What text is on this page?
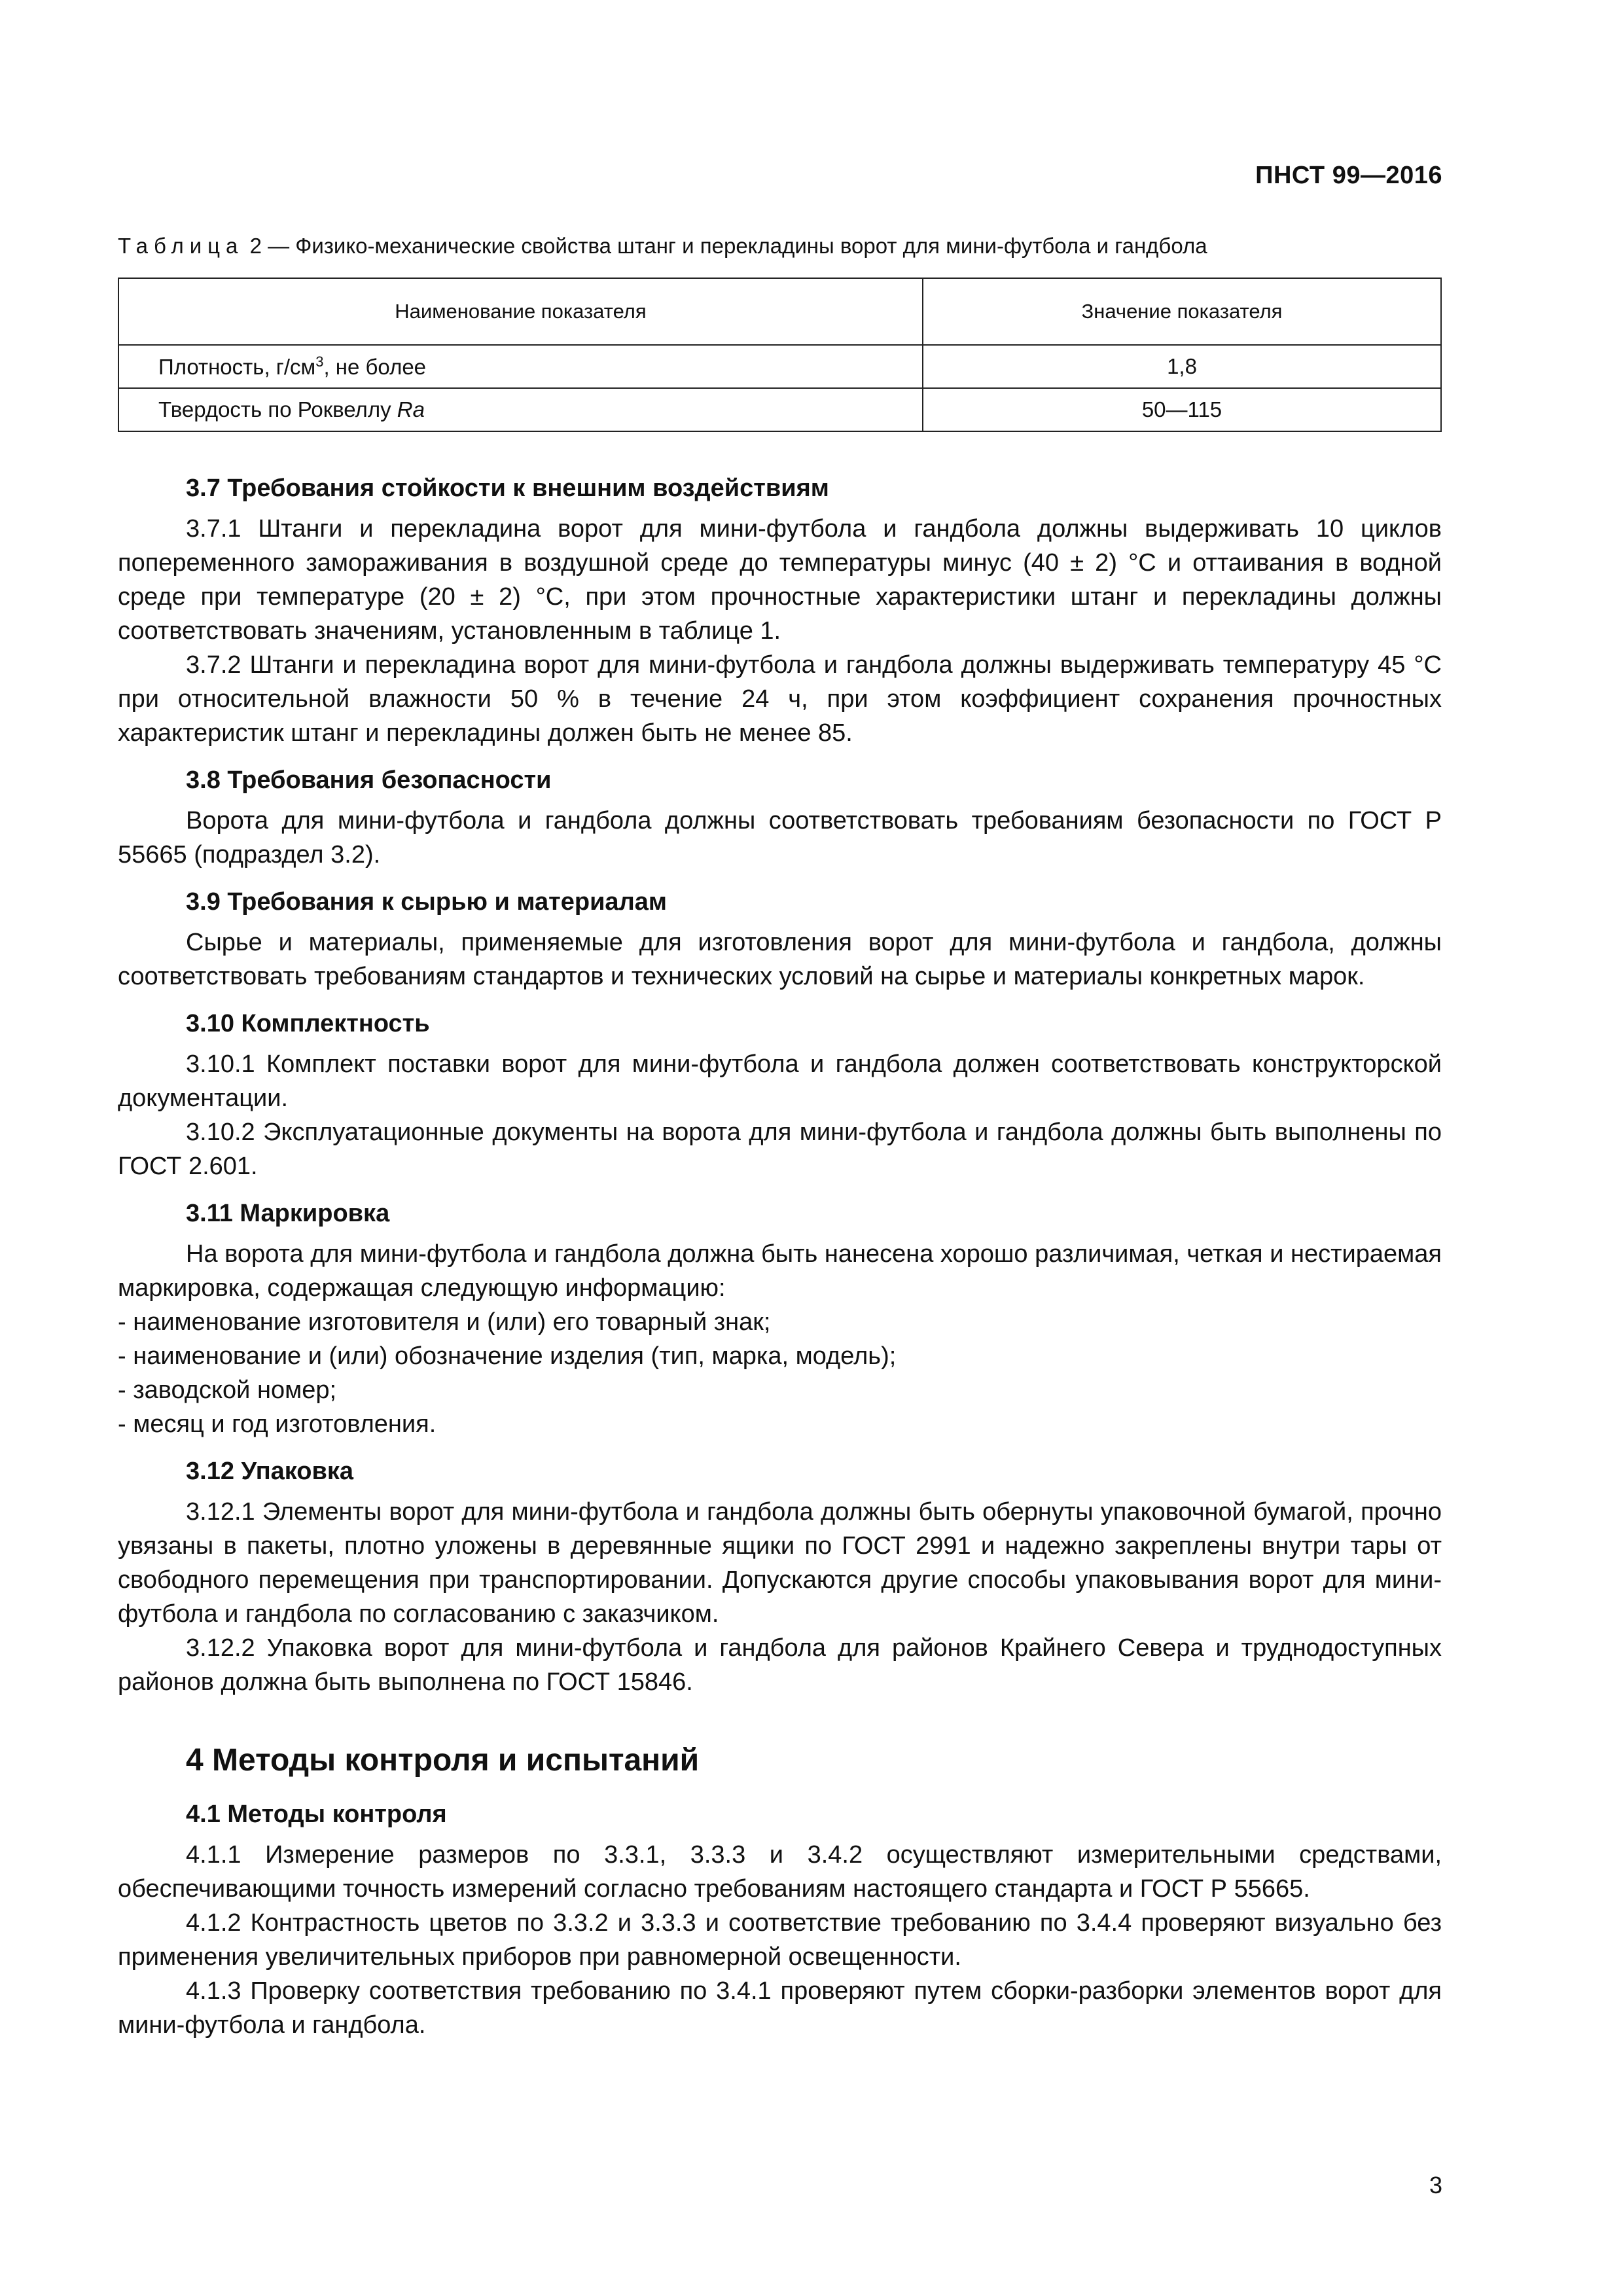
ПНСТ 99—2016
Таблица 2 — Физико-механические свойства штанг и перекладины ворот для мини-футбола и гандбола
Наименование показателя	Значение показателя
Плотность, $г/см^3$, не более	1,8
Твердость по Роквеллу Ra	50—115
3.7 Требования стойкости к внешним воздействиям

3.7.1 Штанги и перекладина ворот для мини-футбола и гандбола должны выдерживать 10 циклов попеременного замораживания в воздушной среде до температуры минус (40 ± 2) °С и оттаивания в водной среде при температуре (20 ± 2) °С, при этом прочностные характеристики штанг и перекладины должны соответствовать значениям, установленным в таблице 1.

3.7.2 Штанги и перекладина ворот для мини-футбола и гандбола должны выдерживать температуру 45 °С при относительной влажности 50 % в течение 24 ч, при этом коэффициент сохранения прочностных характеристик штанг и перекладины должен быть не менее 85.

3.8 Требования безопасности

Ворота для мини-футбола и гандбола должны соответствовать требованиям безопасности по ГОСТ Р 55665 (подраздел 3.2).

3.9 Требования к сырью и материалам

Сырье и материалы, применяемые для изготовления ворот для мини-футбола и гандбола, должны соответствовать требованиям стандартов и технических условий на сырье и материалы конкретных марок.

3.10 Комплектность

3.10.1 Комплект поставки ворот для мини-футбола и гандбола должен соответствовать конструкторской документации.

3.10.2 Эксплуатационные документы на ворота для мини-футбола и гандбола должны быть выполнены по ГОСТ 2.601.

3.11 Маркировка

На ворота для мини-футбола и гандбола должна быть нанесена хорошо различимая, четкая и нестираемая маркировка, содержащая следующую информацию:

- наименование изготовителя и (или) его товарный знак;

- наименование и (или) обозначение изделия (тип, марка, модель);

- заводской номер;

- месяц и год изготовления.

3.12 Упаковка

3.12.1 Элементы ворот для мини-футбола и гандбола должны быть обернуты упаковочной бумагой, прочно увязаны в пакеты, плотно уложены в деревянные ящики по ГОСТ 2991 и надежно закреплены внутри тары от свободного перемещения при транспортировании. Допускаются другие способы упаковывания ворот для мини-футбола и гандбола по согласованию с заказчиком.

3.12.2 Упаковка ворот для мини-футбола и гандбола для районов Крайнего Севера и труднодоступных районов должна быть выполнена по ГОСТ 15846.

4 Методы контроля и испытаний
4.1 Методы контроля

4.1.1 Измерение размеров по 3.3.1, 3.3.3 и 3.4.2 осуществляют измерительными средствами, обеспечивающими точность измерений согласно требованиям настоящего стандарта и ГОСТ Р 55665.

4.1.2 Контрастность цветов по 3.3.2 и 3.3.3 и соответствие требованию по 3.4.4 проверяют визуально без применения увеличительных приборов при равномерной освещенности.

4.1.3 Проверку соответствия требованию по 3.4.1 проверяют путем сборки-разборки элементов ворот для мини-футбола и гандбола.

3
